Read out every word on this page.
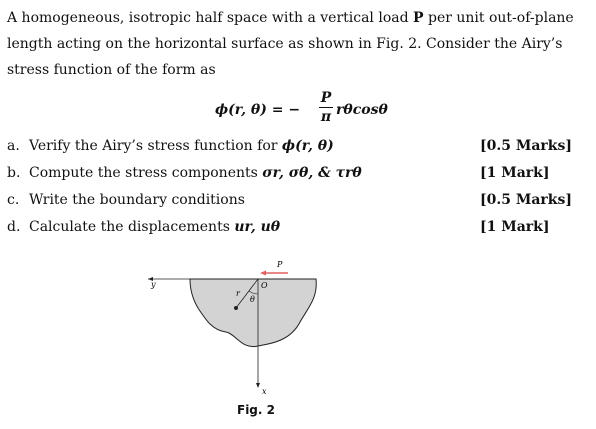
A homogeneous, isotropic half space with a vertical load P per unit out-of-plane length acting on the horizontal surface as shown in Fig. 2. Consider the Airy’s stress function of the form as

ϕ(r, θ) = −
P
π rθcosθ
a. Verify the Airy’s stress function for ϕ(r, θ)	[0.5 Marks]
b. Compute the stress components σr, σθ, & τrθ	[1 Mark]
c. Write the boundary conditions	[0.5 Marks]
d. Calculate the displacements ur, uθ	[1 Mark]
P
O
y
x
r
θ
Fig. 2
